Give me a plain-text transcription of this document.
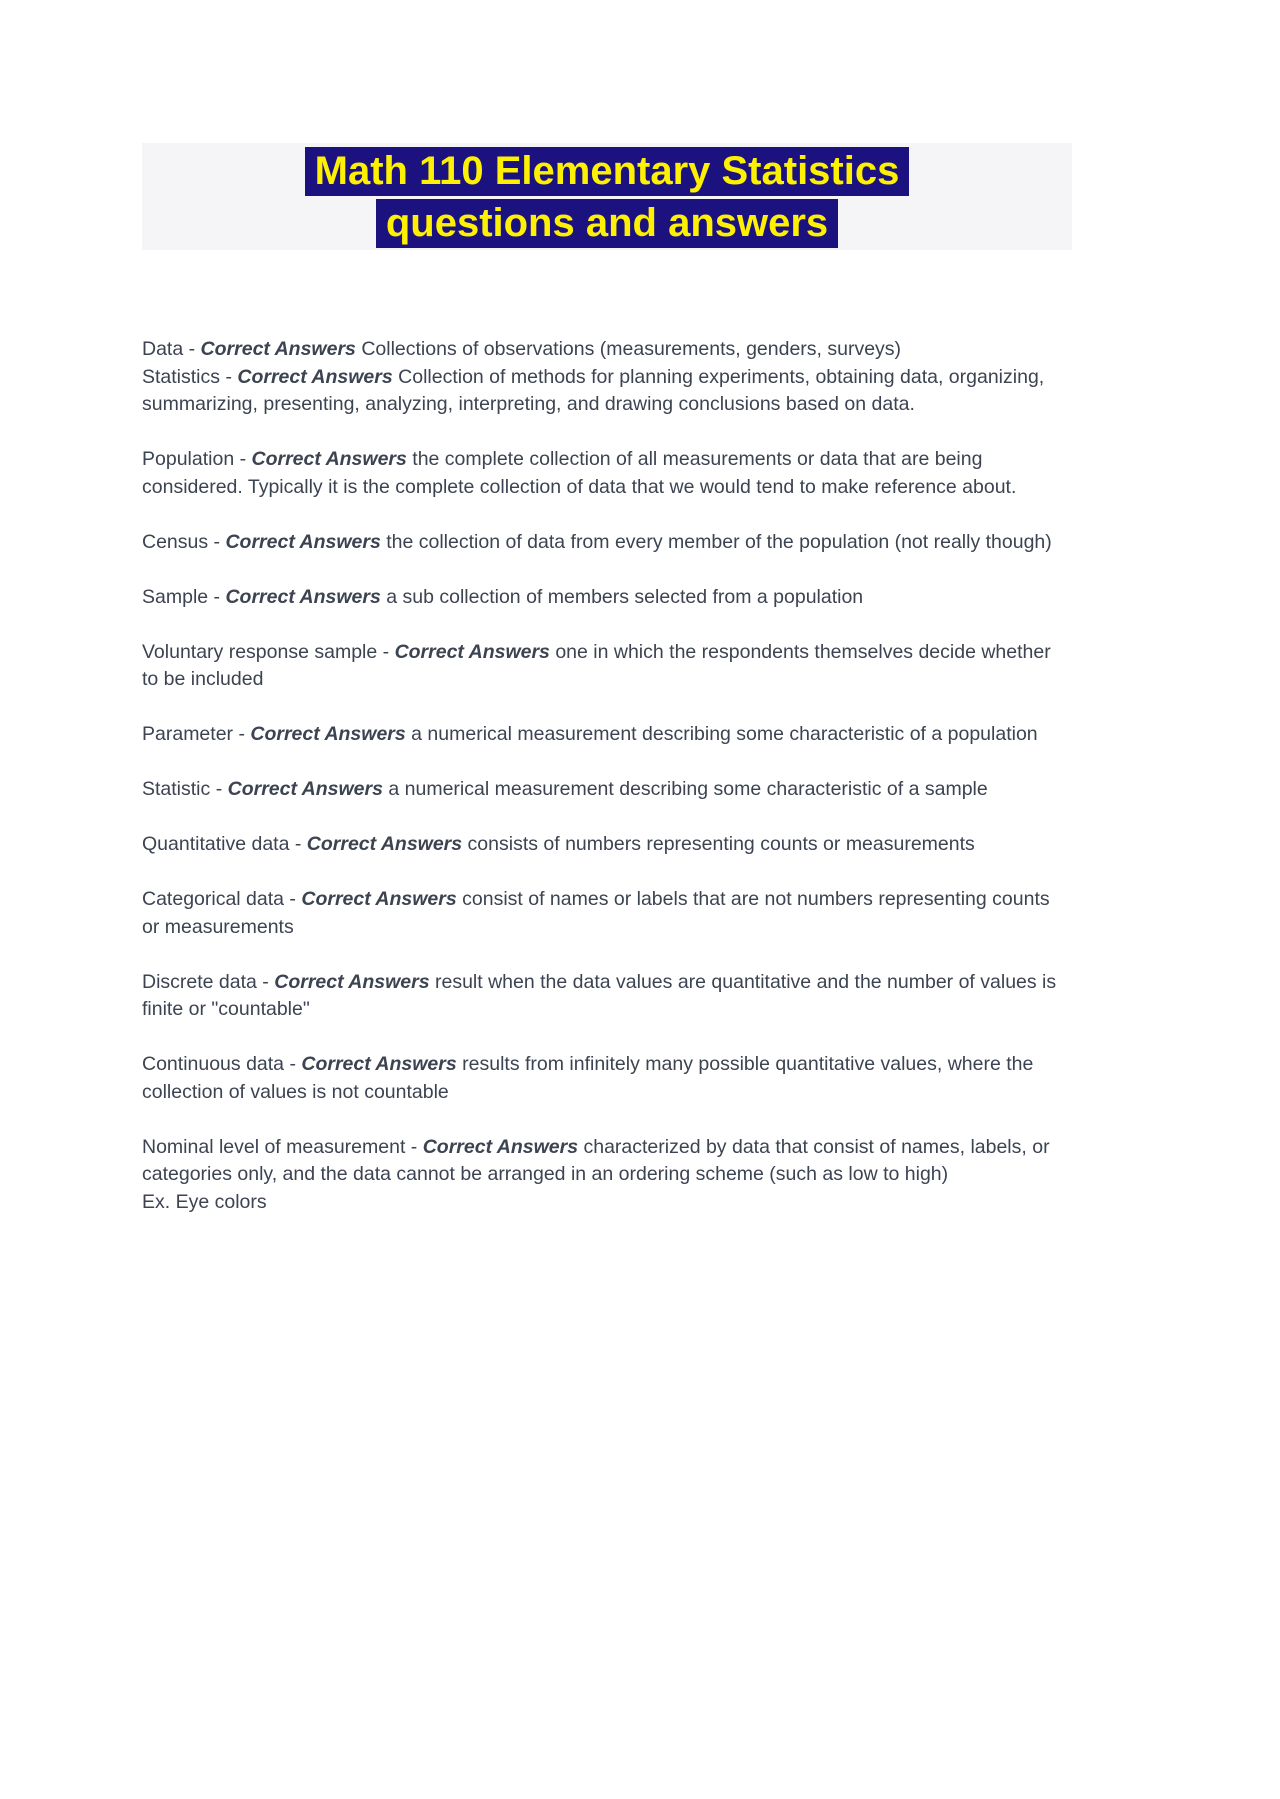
Math 110 Elementary Statistics
questions and answers
Data - Correct Answers Collections of observations (measurements, genders, surveys)
Statistics - Correct Answers Collection of methods for planning experiments, obtaining data, organizing, summarizing, presenting, analyzing, interpreting, and drawing conclusions based on data.
Population - Correct Answers the complete collection of all measurements or data that are being considered. Typically it is the complete collection of data that we would tend to make reference about.
Census - Correct Answers the collection of data from every member of the population (not really though)
Sample - Correct Answers a sub collection of members selected from a population
Voluntary response sample - Correct Answers one in which the respondents themselves decide whether to be included
Parameter - Correct Answers a numerical measurement describing some characteristic of a population
Statistic - Correct Answers a numerical measurement describing some characteristic of a sample
Quantitative data - Correct Answers consists of numbers representing counts or measurements
Categorical data - Correct Answers consist of names or labels that are not numbers representing counts or measurements
Discrete data - Correct Answers result when the data values are quantitative and the number of values is finite or "countable"
Continuous data - Correct Answers results from infinitely many possible quantitative values, where the collection of values is not countable
Nominal level of measurement - Correct Answers characterized by data that consist of names, labels, or categories only, and the data cannot be arranged in an ordering scheme (such as low to high)
Ex. Eye colors
